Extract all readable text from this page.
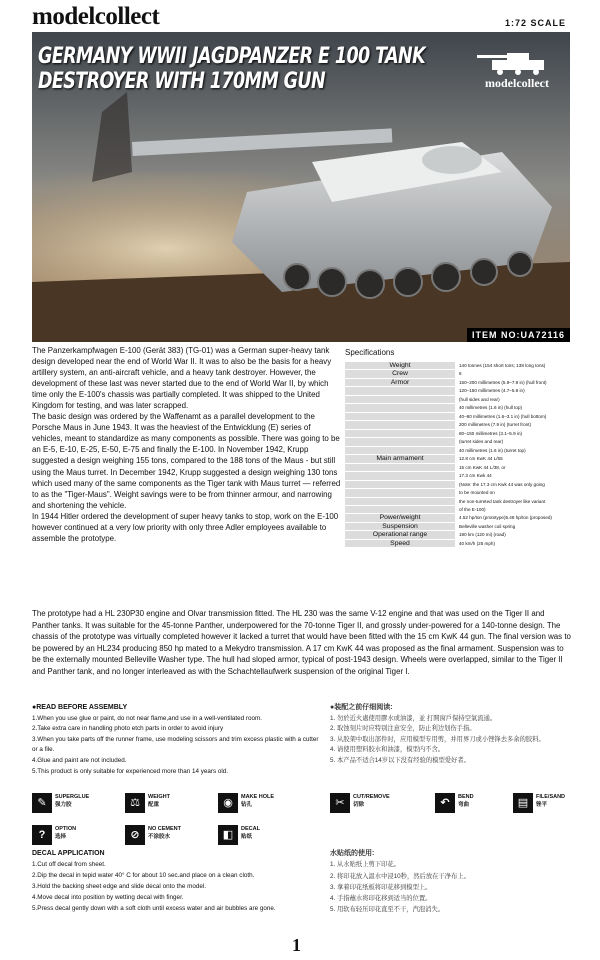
modelcollect	1:72 SCALE
GERMANY WWII JAGDPANZER E 100 TANK DESTROYER WITH 170MM GUN	modelcollect
ITEM NO:UA72116

The Panzerkampfwagen E-100 (Gerät 383) (TG-01) was a German super-heavy tank design developed near the end of World War II. It was to also be the basis for a heavy artillery system, an anti-aircraft vehicle, and a heavy tank destroyer. However, the development of these last was never started due to the end of World War II, by which time only the E-100's chassis was partially completed. It was shipped to the United Kingdom for testing, and was later scrapped.

The basic design was ordered by the Waffenamt as a parallel development to the Porsche Maus in June 1943. It was the heaviest of the Entwicklung (E) series of vehicles, meant to standardize as many components as possible. There was going to be an E-5, E-10, E-25, E-50, E-75 and finally the E-100. In November 1942, Krupp suggested a design weighing 155 tons, compared to the 188 tons of the Maus - but still using the Maus turret. In December 1942, Krupp suggested a design weighing 130 tons which used many of the same components as the Tiger tank with Maus turret — referred to as the "Tiger-Maus". Weight savings were to be from thinner armour, and narrowing and shortening the vehicle.

In 1944 Hitler ordered the development of super heavy tanks to stop, work on the E-100 however continued at a very low priority with only three Adler employees available to assemble the prototype.

Specifications
Weight	140 tonnes (154 short tons; 138 long tons)
Crew	6
Armor	150–200 millimetres (5.9–7.9 in) (hull front)
120–150 millimetres (4.7–5.9 in)
(hull sides and rear)
40 millimetres (1.6 in) (hull top)
40–80 millimetres (1.6–3.1 in) (hull bottom)
200 millimetres (7.9 in) (turret front)
80–150 millimetres (3.1–5.9 in)
(turret sides and rear)
40 millimetres (1.6 in) (turret top)
Main armament	12.8 cm KwK 44 L/55
15 cm KwK 44 L/38, or
17.3 cm Kwk 44
(Note: the 17.3 cm Kwk 44 was only going
to be mounted on
the non-turreted tank destroyer like variant
of the E-100)
Power/weight	4.52 hp/ton (prototype)5.48 hp/ton (proposed)
Suspension	Belleville washer coil spring
Operational range	190 km (120 mi) (road)
Speed	40 km/h (25 mph)
The prototype had a HL 230P30 engine and Olvar transmission fitted. The HL 230 was the same V-12 engine and that was used on the Tiger II and Panther tanks. It was suitable for the 45-tonne Panther, underpowered for the 70-tonne Tiger II, and grossly under-powered for a 140-tonne design. The chassis of the prototype was virtually completed however it lacked a turret that would have been fitted with the 15 cm KwK 44 gun. The final version was to be powered by an HL234 producing 850 hp mated to a Mekydro transmission. A 17 cm KwK 44 was proposed as the final armament. Suspension was to be the externally mounted Belleville Washer type. The hull had sloped armor, typical of post-1943 design. Wheels were overlapped, similar to the Tiger II and Panther tank, and no longer interleaved as with the Schachtellaufwerk suspension of the original Tiger I.
●READ BEFORE ASSEMBLY
1.When you use glue or paint, do not near flame,and use in a well-ventilated room.
2.Take extra care in handling photo etch parts in order to avoid injury
3.When you take parts off the runner frame, use modeling scissors and trim excess plastic with a cutter or a file.
4.Glue and paint are not included.
5.This product is only suitable for experienced more than 14 years old.
●装配之前仔细阅读:
1. 勿於近火處使用膠水或油漆，並 打開窗戶保持空氣流通。
2. 取蚀刻片时应特别注意安全，防止利边划伤手指。
3. 从胶架中取出部件时，应用模型专用剪，并用界刀或小锉锋去多余的胶料。
4. 请使用塑料胶水和油漆，模型内不含。
5. 本产品不适合14岁以下没有经验的模型爱好者。
✎	SUPERGLUE
强力胶	⚖	WEIGHT
配重	◉	MAKE HOLE
钻孔	✂	CUT/REMOVE
切除	↶	BEND
弯曲	▤	FILE/SAND
锉平
?	OPTION
选择	⊘	NO CEMENT
不涂胶水	◧	DECAL
贴纸
DECAL APPLICATION
1.Cut off decal from sheet.
2.Dip the decal in tepid water 40° C for about 10 sec.and place on a clean cloth.
3.Hold the backing sheet edge and slide decal onto the model.
4.Move decal into position by wetting decal with finger.
5.Press decal gently down with a soft cloth until excess water and air bubbles are gone.
水贴纸的使用:
1. 从水贴纸上剪下印花。
2. 将印花放入温水中浸10秒，然后放在干净布上。
3. 拿着印花纸板将印花移到模型上。
4. 手指蘸水将印花移到适当的位置。
5. 用软布轻压印花直至不干，汽泡消失。
1
